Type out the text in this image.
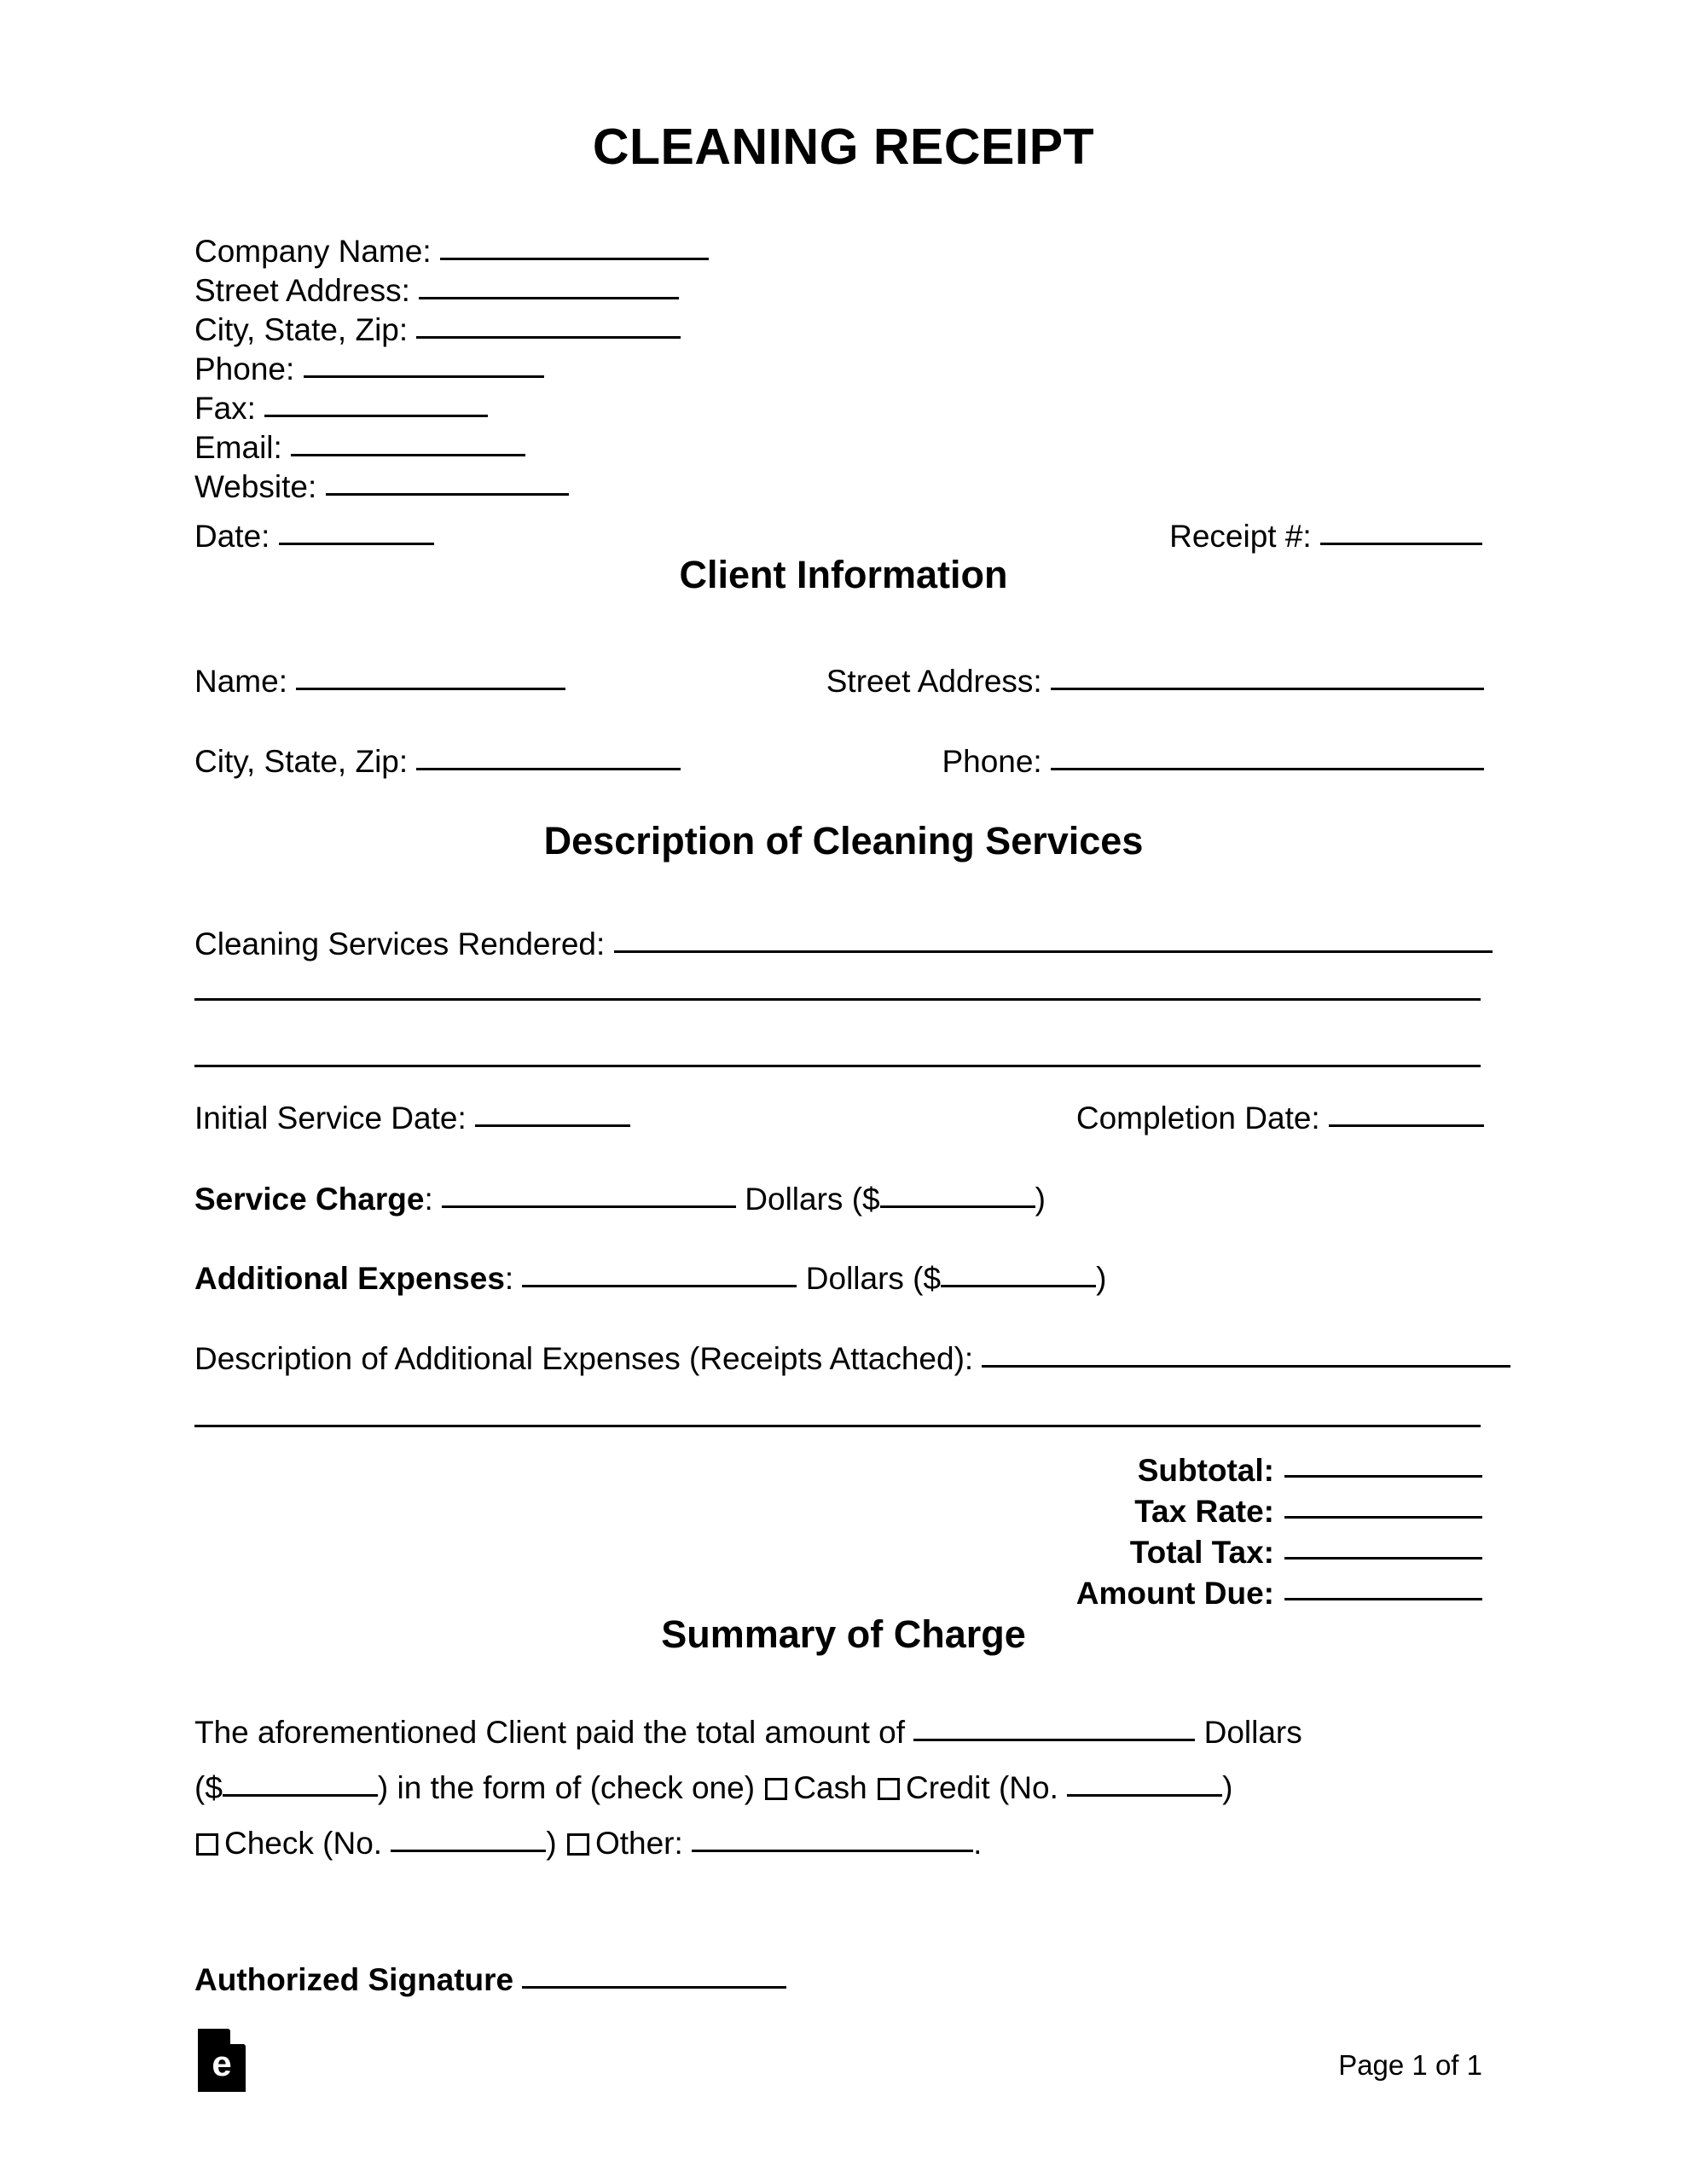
CLEANING RECEIPT
Company Name:
Street Address:
City, State, Zip:
Phone:
Fax:
Email:
Website:
Date:	Receipt #:
Client Information
Name:	Street Address:
City, State, Zip:	Phone:
Description of Cleaning Services
Cleaning Services Rendered:
Initial Service Date:	Completion Date:
Service Charge:	Dollars ($	)
Additional Expenses:	Dollars ($	)
Description of Additional Expenses (Receipts Attached):
Subtotal:
Tax Rate:
Total Tax:
Amount Due:
Summary of Charge
The aforementioned Client paid the total amount of	Dollars
($	) in the form of (check one) Cash Credit (No.	)
Check (No.	) Other:	.
Authorized Signature
e	Page 1 of 1
